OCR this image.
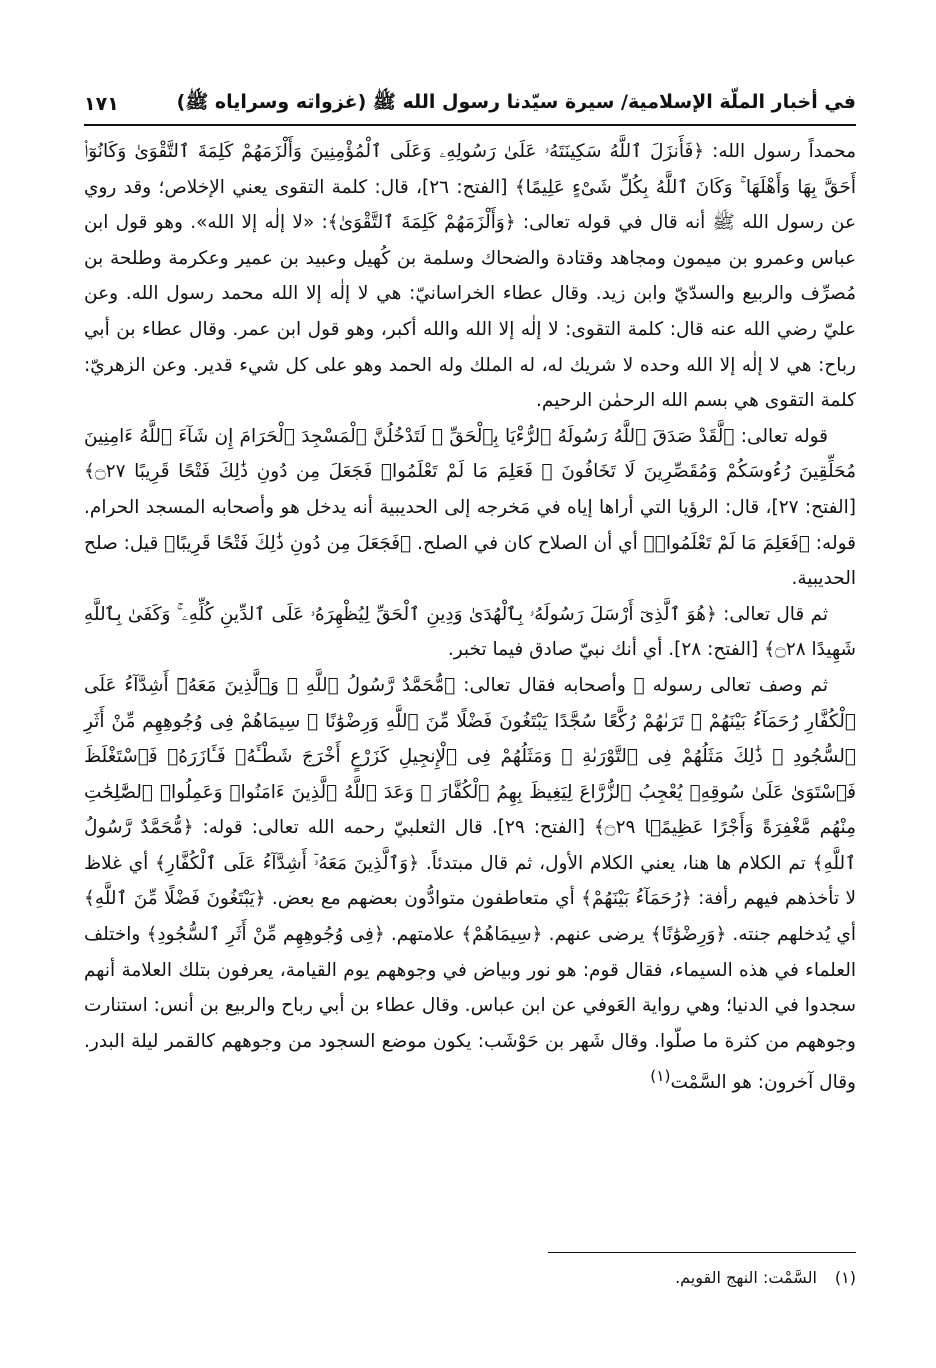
في أخبار الملّة الإسلامية/ سيرة سيّدنا رسول الله ﷺ (غزواته وسراياه ﷺ)
١٧١

محمداً رسول الله: ﴿فَأَنزَلَ ٱللَّهُ سَكِينَتَهُۥ عَلَىٰ رَسُولِهِۦ وَعَلَى ٱلْمُؤْمِنِينَ وَأَلْزَمَهُمْ كَلِمَةَ ٱلتَّقْوَىٰ وَكَانُوٓا۟ أَحَقَّ بِهَا وَأَهْلَهَا ۚ وَكَانَ ٱللَّهُ بِكُلِّ شَىْءٍ عَلِيمًا﴾ [الفتح: ٢٦]، قال: كلمة التقوى يعني الإخلاص؛ وقد روي عن رسول الله ﷺ أنه قال في قوله تعالى: ﴿وَأَلْزَمَهُمْ كَلِمَةَ ٱلتَّقْوَىٰ﴾: «لا إلٰه إلا الله». وهو قول ابن عباس وعمرو بن ميمون ومجاهد وقتادة والضحاك وسلمة بن كُهيل وعبيد بن عمير وعكرمة وطلحة بن مُصرِّف والربيع والسدّيّ وابن زيد. وقال عطاء الخراسانيّ: هي لا إلٰه إلا الله محمد رسول الله. وعن عليّ رضي الله عنه قال: كلمة التقوى: لا إلٰه إلا الله والله أكبر، وهو قول ابن عمر. وقال عطاء بن أبي رباح: هي لا إلٰه إلا الله وحده لا شريك له، له الملك وله الحمد وهو على كل شيء قدير. وعن الزهريّ: كلمة التقوى هي بسم الله الرحمٰن الرحيم.

قوله تعالى: ﴿لَّقَدْ صَدَقَ ٱللَّهُ رَسُولَهُ ٱلرُّءْيَا بِٱلْحَقِّ ۖ لَتَدْخُلُنَّ ٱلْمَسْجِدَ ٱلْحَرَامَ إِن شَآءَ ٱللَّهُ ءَامِنِينَ مُحَلِّقِينَ رُءُوسَكُمْ وَمُقَصِّرِينَ لَا تَخَافُونَ ۖ فَعَلِمَ مَا لَمْ تَعْلَمُوا۟ فَجَعَلَ مِن دُونِ ذَٰلِكَ فَتْحًا قَرِيبًا ۝٢٧﴾ [الفتح: ٢٧]، قال: الرؤيا التي أراها إياه في مَخرجه إلى الحديبية أنه يدخل هو وأصحابه المسجد الحرام. قوله: ﴿فَعَلِمَ مَا لَمْ تَعْلَمُوا۟﴾ أي أن الصلاح كان في الصلح. ﴿فَجَعَلَ مِن دُونِ ذَٰلِكَ فَتْحًا قَرِيبًا﴾ قيل: صلح الحديبية.

ثم قال تعالى: ﴿هُوَ ٱلَّذِىٓ أَرْسَلَ رَسُولَهُۥ بِٱلْهُدَىٰ وَدِينِ ٱلْحَقِّ لِيُظْهِرَهُۥ عَلَى ٱلدِّينِ كُلِّهِۦ ۚ وَكَفَىٰ بِٱللَّهِ شَهِيدًا ۝٢٨﴾ [الفتح: ٢٨]. أي أنك نبيّ صادق فيما تخبر.

ثم وصف تعالى رسوله ﷺ وأصحابه فقال تعالى: ﴿مُّحَمَّدٌ رَّسُولُ ٱللَّهِ ۚ وَٱلَّذِينَ مَعَهُۥٓ أَشِدَّآءُ عَلَى ٱلْكُفَّارِ رُحَمَآءُ بَيْنَهُمْ ۖ تَرَىٰهُمْ رُكَّعًا سُجَّدًا يَبْتَغُونَ فَضْلًا مِّنَ ٱللَّهِ وَرِضْوَٰنًا ۖ سِيمَاهُمْ فِى وُجُوهِهِم مِّنْ أَثَرِ ٱلسُّجُودِ ۚ ذَٰلِكَ مَثَلُهُمْ فِى ٱلتَّوْرَىٰةِ ۚ وَمَثَلُهُمْ فِى ٱلْإِنجِيلِ كَزَرْعٍ أَخْرَجَ شَطْـَٔهُۥ فَـَٔازَرَهُۥ فَٱسْتَغْلَظَ فَٱسْتَوَىٰ عَلَىٰ سُوقِهِۦ يُعْجِبُ ٱلزُّرَّاعَ لِيَغِيظَ بِهِمُ ٱلْكُفَّارَ ۗ وَعَدَ ٱللَّهُ ٱلَّذِينَ ءَامَنُوا۟ وَعَمِلُوا۟ ٱلصَّٰلِحَٰتِ مِنْهُم مَّغْفِرَةً وَأَجْرًا عَظِيمًۢا ۝٢٩﴾ [الفتح: ٢٩]. قال الثعلبيّ رحمه الله تعالى: قوله: ﴿مُّحَمَّدٌ رَّسُولُ ٱللَّهِ﴾ تم الكلام ها هنا، يعني الكلام الأول، ثم قال مبتدئاً. ﴿وَٱلَّذِينَ مَعَهُۥٓ أَشِدَّآءُ عَلَى ٱلْكُفَّارِ﴾ أي غلاظ لا تأخذهم فيهم رأفة: ﴿رُحَمَآءُ بَيْنَهُمْ﴾ أي متعاطفون متوادُّون بعضهم مع بعض. ﴿يَبْتَغُونَ فَضْلًا مِّنَ ٱللَّهِ﴾ أي يُدخلهم جنته. ﴿وَرِضْوَٰنًا﴾ يرضى عنهم. ﴿سِيمَاهُمْ﴾ علامتهم. ﴿فِى وُجُوهِهِم مِّنْ أَثَرِ ٱلسُّجُودِ﴾ واختلف العلماء في هذه السيماء، فقال قوم: هو نور وبياض في وجوههم يوم القيامة، يعرفون بتلك العلامة أنهم سجدوا في الدنيا؛ وهي رواية العَوفي عن ابن عباس. وقال عطاء بن أبي رباح والربيع بن أنس: استنارت وجوههم من كثرة ما صلّوا. وقال شَهر بن حَوْشَب: يكون موضع السجود من وجوههم كالقمر ليلة البدر. وقال آخرون: هو السَّمْت$^{(١)}$

(١)السَّمْت: النهج القويم.
